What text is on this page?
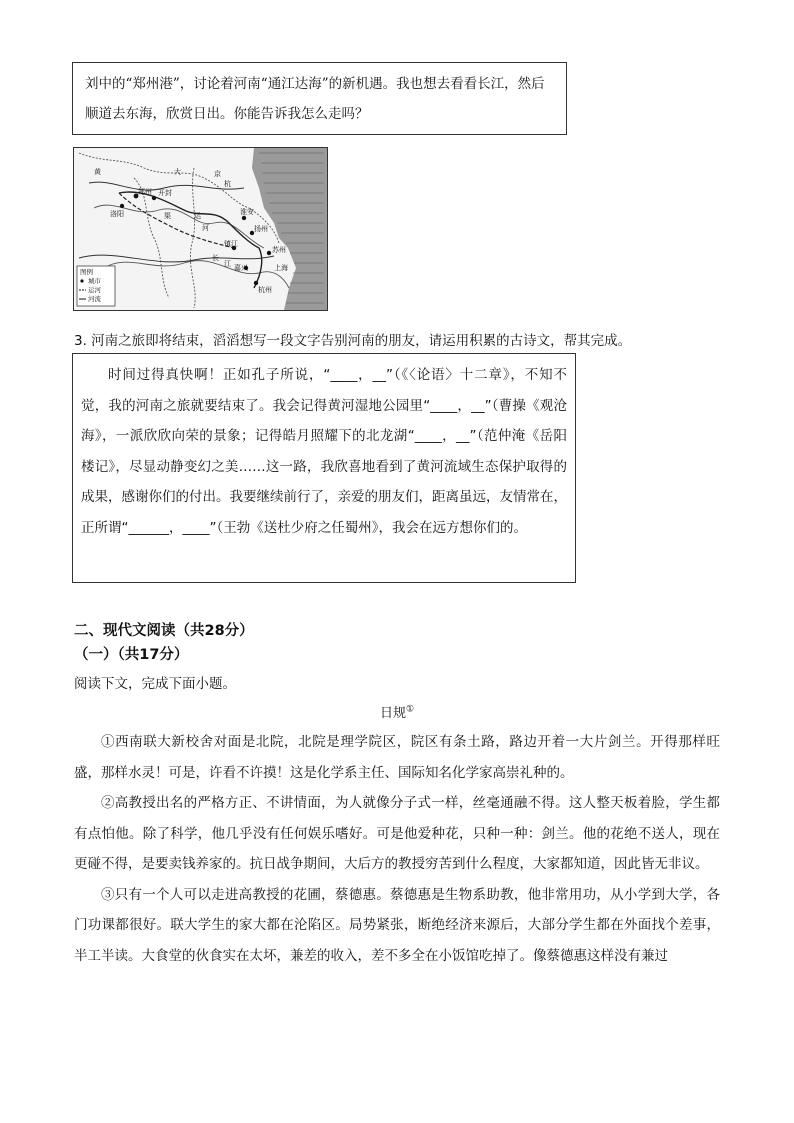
刘中的“郑州港”，讨论着河南“通江达海”的新机遇。我也想去看看长江，然后顺道去东海，欣赏日出。你能告诉我怎么走吗？
郑州
洛阳
开封
淮安
扬州
镇江
苏州
上海
杭州
嘉兴
运
河
江
长
京
杭
大
黄
渠
图例
城市
运河
河流
3. 河南之旅即将结束，滔滔想写一段文字告别河南的朋友，请运用积累的古诗文，帮其完成。

时间过得真快啊！正如孔子所说，“____，__”（《〈论语〉十二章》，不知不觉，我的河南之旅就要结束了。我会记得黄河湿地公园里“____，__”（曹操《观沧海》，一派欣欣向荣的景象；记得皓月照耀下的北龙湖“____，__”（范仲淹《岳阳楼记》，尽显动静变幻之美……这一路，我欣喜地看到了黄河流域生态保护取得的成果，感谢你们的付出。我要继续前行了，亲爱的朋友们，距离虽远，友情常在，正所谓“______，____”（王勃《送杜少府之任蜀州》，我会在远方想你们的。

二、现代文阅读（共28分）
（一）（共17分）
阅读下文，完成下面小题。
日规①

①西南联大新校舍对面是北院，北院是理学院区，院区有条土路，路边开着一大片剑兰。开得那样旺盛，那样水灵！可是，许看不许摸！这是化学系主任、国际知名化学家高崇礼种的。

②高教授出名的严格方正、不讲情面，为人就像分子式一样，丝毫通融不得。这人整天板着脸，学生都有点怕他。除了科学，他几乎没有任何娱乐嗜好。可是他爱种花，只种一种：剑兰。他的花绝不送人，现在更碰不得，是要卖钱养家的。抗日战争期间，大后方的教授穷苦到什么程度，大家都知道，因此皆无非议。

③只有一个人可以走进高教授的花圃，蔡德惠。蔡德惠是生物系助教，他非常用功，从小学到大学，各门功课都很好。联大学生的家大都在沦陷区。局势紧张，断绝经济来源后，大部分学生都在外面找个差事，半工半读。大食堂的伙食实在太坏，兼差的收入，差不多全在小饭馆吃掉了。像蔡德惠这样没有兼过
